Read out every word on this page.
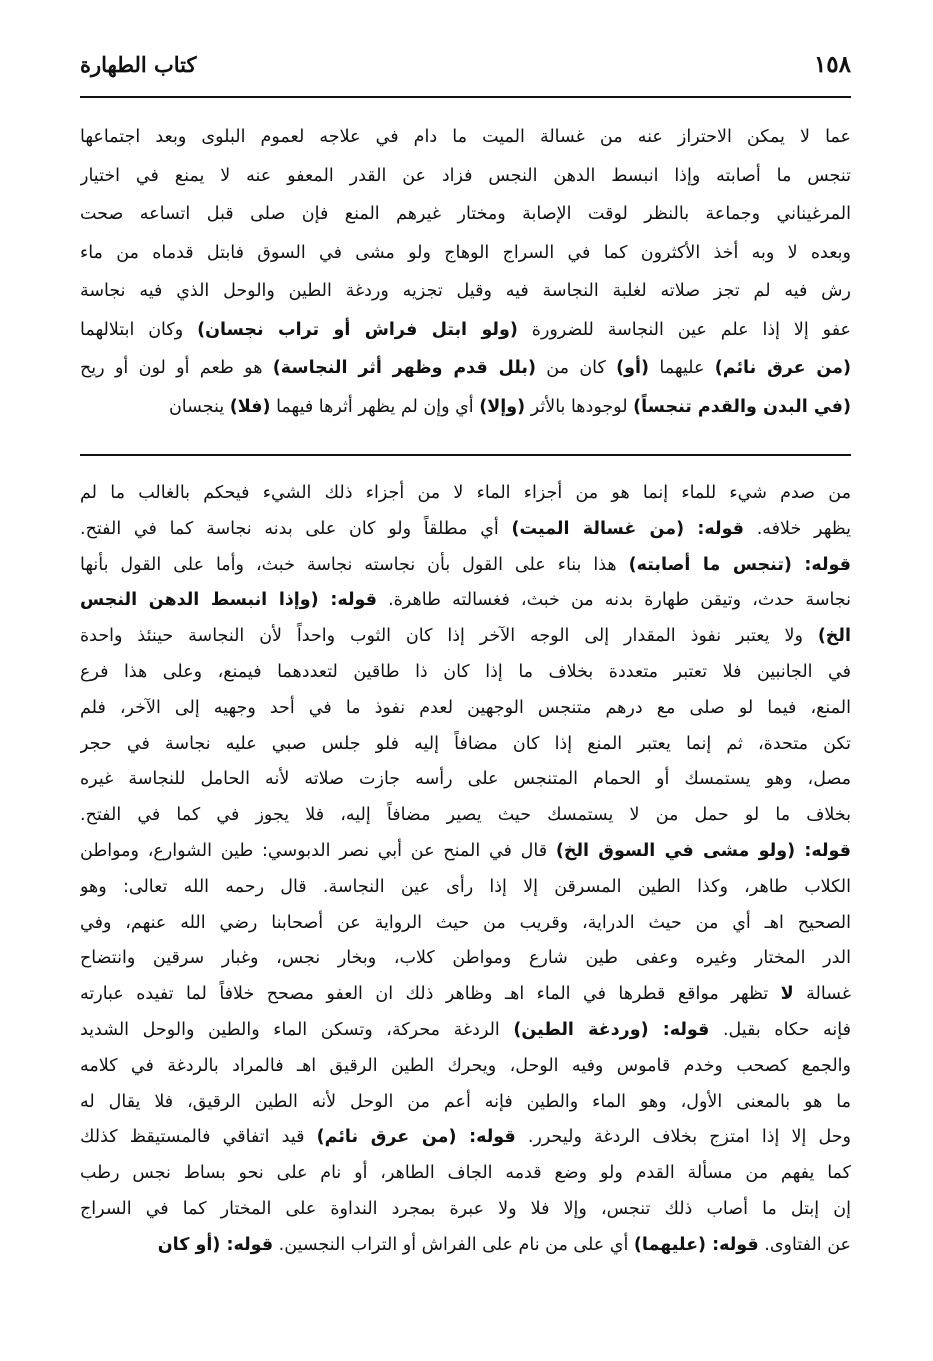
١٥٨
كتاب الطهارة
عما لا يمكن الاحتراز عنه من غسالة الميت ما دام في علاجه لعموم البلوى وبعد اجتماعها
تنجس ما أصابته وإذا انبسط الدهن النجس فزاد عن القدر المعفو عنه لا يمنع في اختيار
المرغيناني وجماعة بالنظر لوقت الإصابة ومختار غيرهم المنع فإن صلى قبل اتساعه صحت
وبعده لا وبه أخذ الأكثرون كما في السراج الوهاج ولو مشى في السوق فابتل قدماه من ماء
رش فيه لم تجز صلاته لغلبة النجاسة فيه وقيل تجزيه وردغة الطين والوحل الذي فيه نجاسة
عفو إلا إذا علم عين النجاسة للضرورة (ولو ابتل فراش أو تراب نجسان) وكان ابتلالهما
(من عرق نائم) عليهما (أو) كان من (بلل قدم وظهر أثر النجاسة) هو طعم أو لون أو ريح
(في البدن والقدم تنجساً) لوجودها بالأثر (وإلا) أي وإن لم يظهر أثرها فيهما (فلا) ينجسان
من صدم شيء للماء إنما هو من أجزاء الماء لا من أجزاء ذلك الشيء فيحكم بالغالب ما لم
يظهر خلافه. قوله: (من غسالة الميت) أي مطلقاً ولو كان على بدنه نجاسة كما في الفتح.
قوله: (تنجس ما أصابته) هذا بناء على القول بأن نجاسته نجاسة خبث، وأما على القول بأنها
نجاسة حدث، وتيقن طهارة بدنه من خبث، فغسالته طاهرة. قوله: (وإذا انبسط الدهن النجس
الخ) ولا يعتبر نفوذ المقدار إلى الوجه الآخر إذا كان الثوب واحداً لأن النجاسة حينئذ واحدة
في الجانبين فلا تعتبر متعددة بخلاف ما إذا كان ذا طاقين لتعددهما فيمنع، وعلى هذا فرع
المنع، فيما لو صلى مع درهم متنجس الوجهين لعدم نفوذ ما في أحد وجهيه إلى الآخر، فلم
تكن متحدة، ثم إنما يعتبر المنع إذا كان مضافاً إليه فلو جلس صبي عليه نجاسة في حجر
مصل، وهو يستمسك أو الحمام المتنجس على رأسه جازت صلاته لأنه الحامل للنجاسة غيره
بخلاف ما لو حمل من لا يستمسك حيث يصير مضافاً إليه، فلا يجوز في كما في الفتح.
قوله: (ولو مشى في السوق الخ) قال في المنح عن أبي نصر الدبوسي: طين الشوارع، ومواطن
الكلاب طاهر، وكذا الطين المسرقن إلا إذا رأى عين النجاسة. قال رحمه الله تعالى: وهو
الصحيح اهـ أي من حيث الدراية، وقريب من حيث الرواية عن أصحابنا رضي الله عنهم، وفي
الدر المختار وغيره وعفى طين شارع ومواطن كلاب، وبخار نجس، وغبار سرقين وانتضاح
غسالة لا تظهر مواقع قطرها في الماء اهـ وظاهر ذلك ان العفو مصحح خلافاً لما تفيده عبارته
فإنه حكاه بقيل. قوله: (وردغة الطين) الردغة محركة، وتسكن الماء والطين والوحل الشديد
والجمع كصحب وخدم قاموس وفيه الوحل، ويحرك الطين الرقيق اهـ فالمراد بالردغة في كلامه
ما هو بالمعنى الأول، وهو الماء والطين فإنه أعم من الوحل لأنه الطين الرقيق، فلا يقال له
وحل إلا إذا امتزج بخلاف الردغة وليحرر. قوله: (من عرق نائم) قيد اتفاقي فالمستيقظ كذلك
كما يفهم من مسألة القدم ولو وضع قدمه الجاف الطاهر، أو نام على نحو بساط نجس رطب
إن إبتل ما أصاب ذلك تنجس، وإلا فلا ولا عبرة بمجرد النداوة على المختار كما في السراج
عن الفتاوى. قوله: (عليهما) أي على من نام على الفراش أو التراب النجسين. قوله: (أو كان
